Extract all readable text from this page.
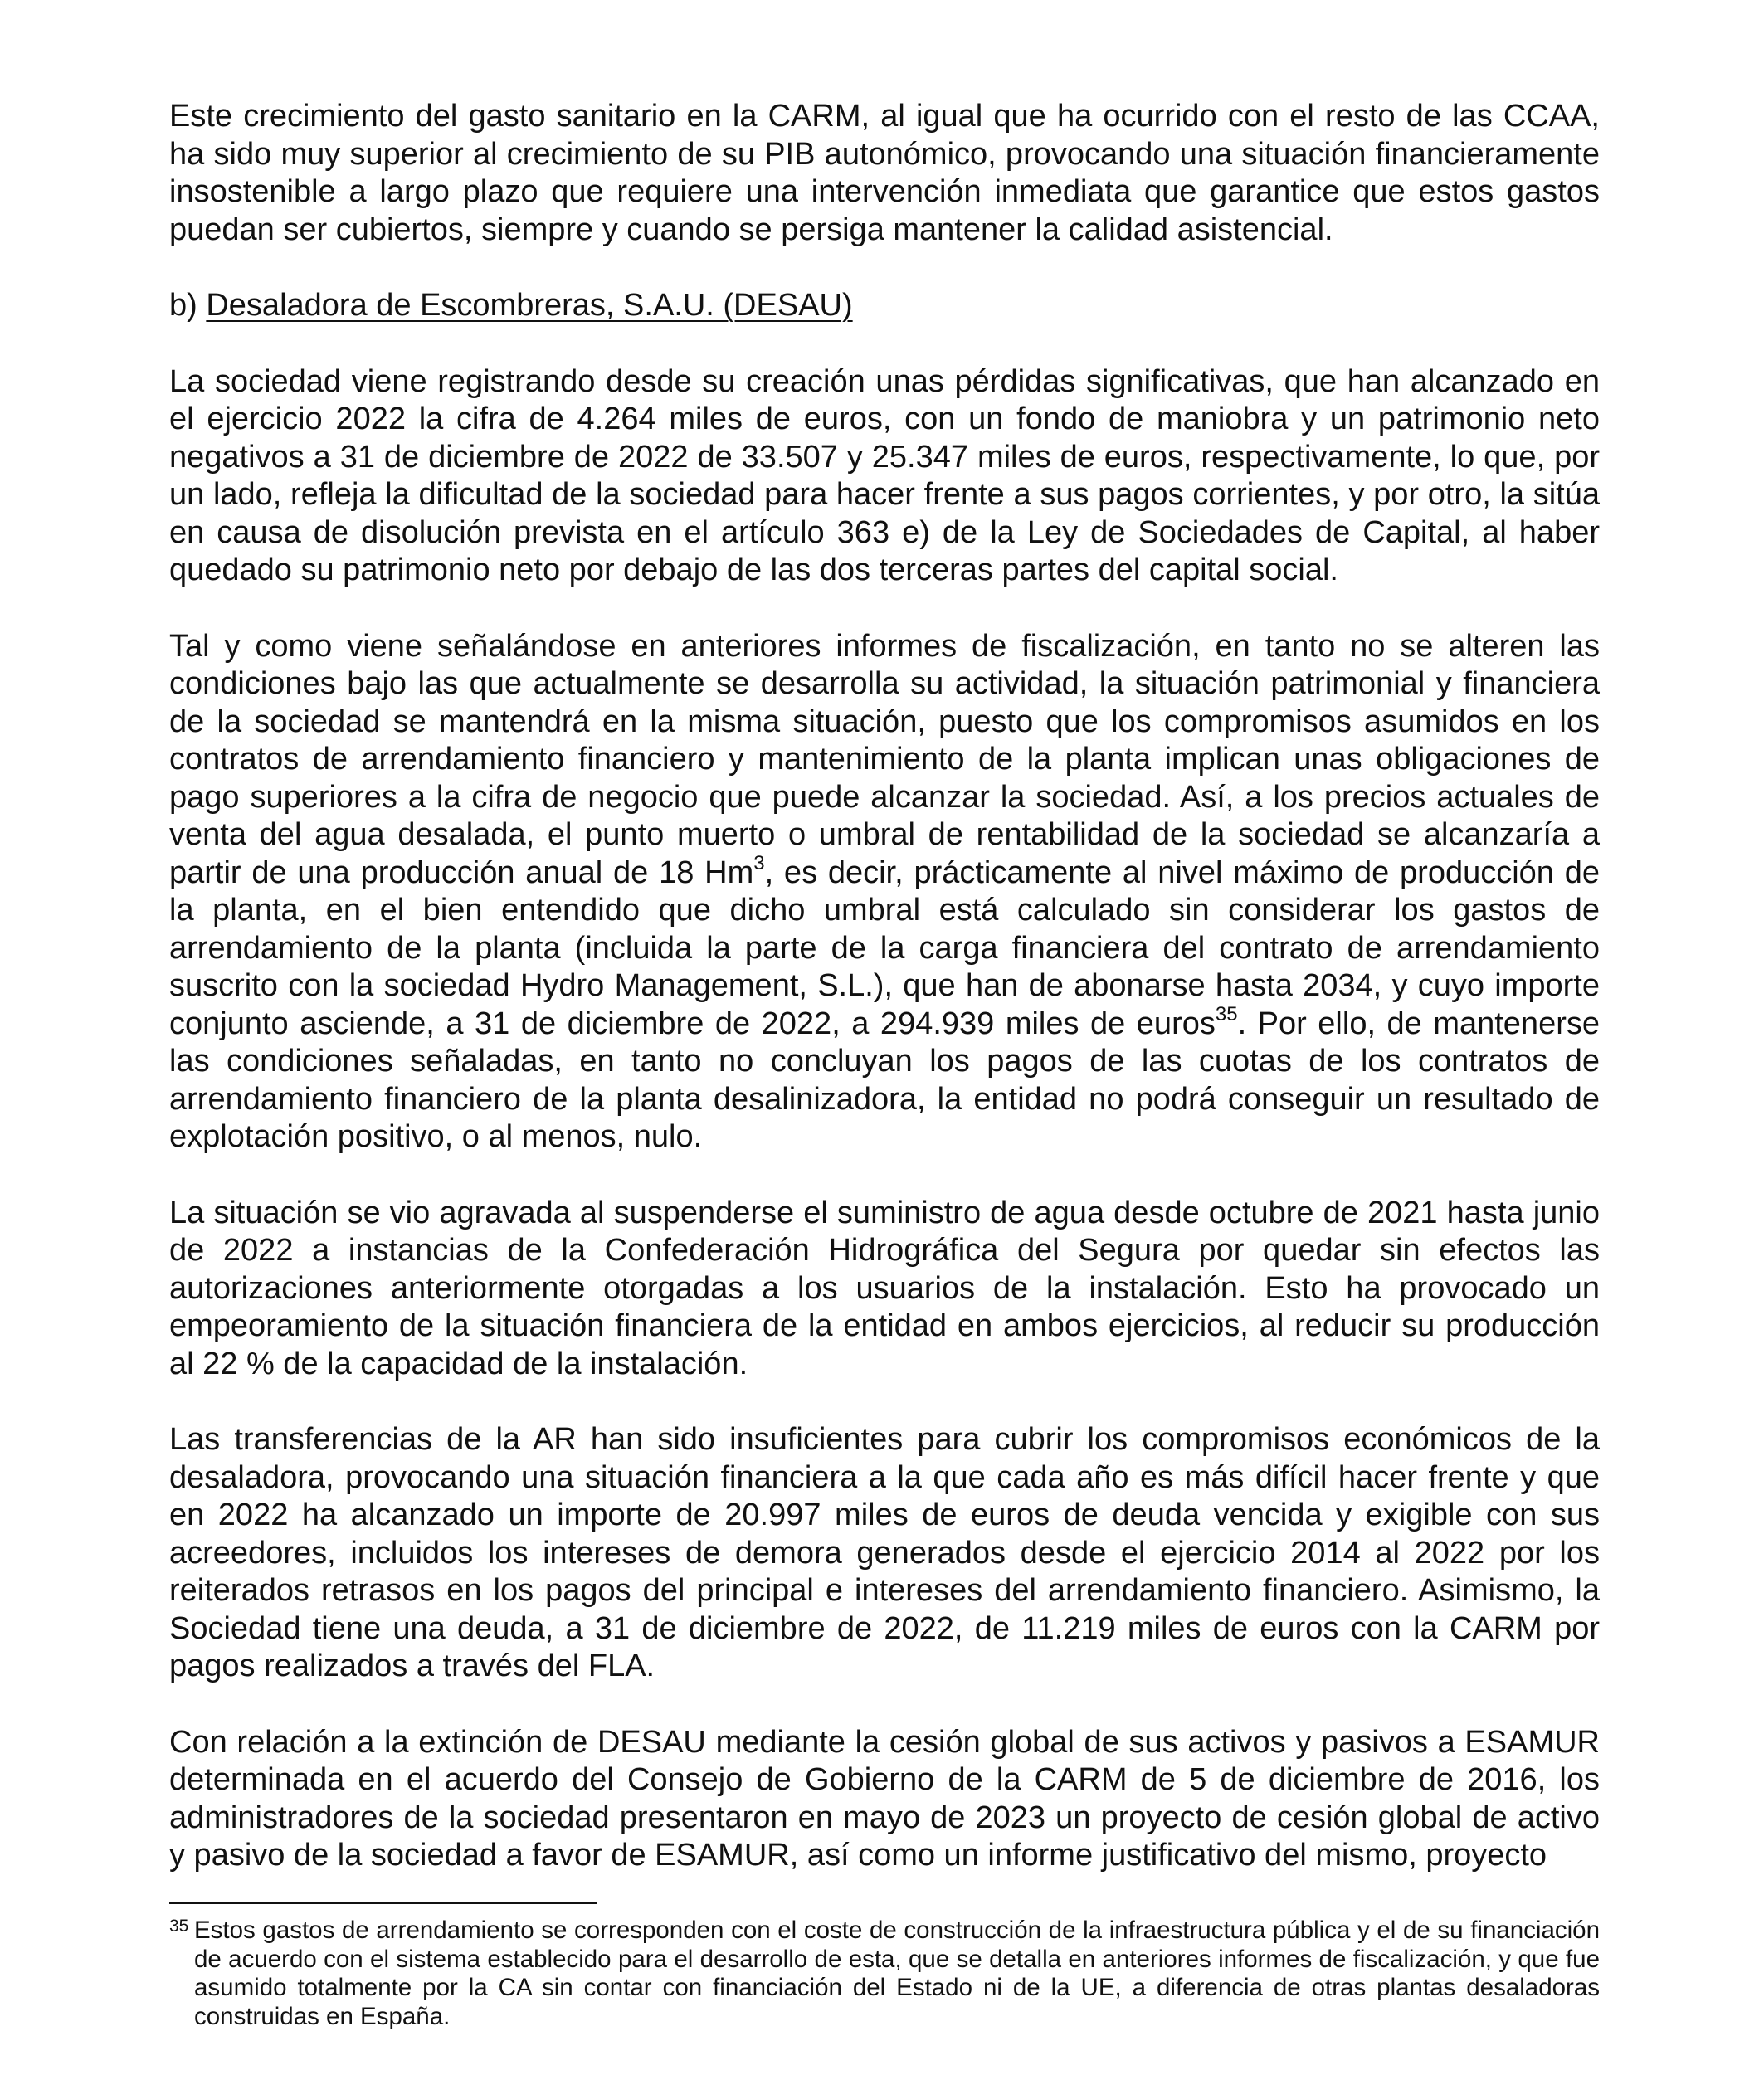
Este crecimiento del gasto sanitario en la CARM, al igual que ha ocurrido con el resto de las CCAA, ha sido muy superior al crecimiento de su PIB autonómico, provocando una situación financieramente insostenible a largo plazo que requiere una intervención inmediata que garantice que estos gastos puedan ser cubiertos, siempre y cuando se persiga mantener la calidad asistencial.

b) Desaladora de Escombreras, S.A.U. (DESAU)

La sociedad viene registrando desde su creación unas pérdidas significativas, que han alcanzado en el ejercicio 2022 la cifra de 4.264 miles de euros, con un fondo de maniobra y un patrimonio neto negativos a 31 de diciembre de 2022 de 33.507 y 25.347 miles de euros, respectivamente, lo que, por un lado, refleja la dificultad de la sociedad para hacer frente a sus pagos corrientes, y por otro, la sitúa en causa de disolución prevista en el artículo 363 e) de la Ley de Sociedades de Capital, al haber quedado su patrimonio neto por debajo de las dos terceras partes del capital social.

Tal y como viene señalándose en anteriores informes de fiscalización, en tanto no se alteren las condiciones bajo las que actualmente se desarrolla su actividad, la situación patrimonial y financiera de la sociedad se mantendrá en la misma situación, puesto que los compromisos asumidos en los contratos de arrendamiento financiero y mantenimiento de la planta implican unas obligaciones de pago superiores a la cifra de negocio que puede alcanzar la sociedad. Así, a los precios actuales de venta del agua desalada, el punto muerto o umbral de rentabilidad de la sociedad se alcanzaría a partir de una producción anual de 18 Hm$^3$, es decir, prácticamente al nivel máximo de producción de la planta, en el bien entendido que dicho umbral está calculado sin considerar los gastos de arrendamiento de la planta (incluida la parte de la carga financiera del contrato de arrendamiento suscrito con la sociedad Hydro Management, S.L.), que han de abonarse hasta 2034, y cuyo importe conjunto asciende, a 31 de diciembre de 2022, a 294.939 miles de euros$^{35}$. Por ello, de mantenerse las condiciones señaladas, en tanto no concluyan los pagos de las cuotas de los contratos de arrendamiento financiero de la planta desalinizadora, la entidad no podrá conseguir un resultado de explotación positivo, o al menos, nulo.

La situación se vio agravada al suspenderse el suministro de agua desde octubre de 2021 hasta junio de 2022 a instancias de la Confederación Hidrográfica del Segura por quedar sin efectos las autorizaciones anteriormente otorgadas a los usuarios de la instalación. Esto ha provocado un empeoramiento de la situación financiera de la entidad en ambos ejercicios, al reducir su producción al 22 % de la capacidad de la instalación.

Las transferencias de la AR han sido insuficientes para cubrir los compromisos económicos de la desaladora, provocando una situación financiera a la que cada año es más difícil hacer frente y que en 2022 ha alcanzado un importe de 20.997 miles de euros de deuda vencida y exigible con sus acreedores, incluidos los intereses de demora generados desde el ejercicio 2014 al 2022 por los reiterados retrasos en los pagos del principal e intereses del arrendamiento financiero. Asimismo, la Sociedad tiene una deuda, a 31 de diciembre de 2022, de 11.219 miles de euros con la CARM por pagos realizados a través del FLA.

Con relación a la extinción de DESAU mediante la cesión global de sus activos y pasivos a ESAMUR determinada en el acuerdo del Consejo de Gobierno de la CARM de 5 de diciembre de 2016, los administradores de la sociedad presentaron en mayo de 2023 un proyecto de cesión global de activo y pasivo de la sociedad a favor de ESAMUR, así como un informe justificativo del mismo, proyecto

35 Estos gastos de arrendamiento se corresponden con el coste de construcción de la infraestructura pública y el de su financiación de acuerdo con el sistema establecido para el desarrollo de esta, que se detalla en anteriores informes de fiscalización, y que fue asumido totalmente por la CA sin contar con financiación del Estado ni de la UE, a diferencia de otras plantas desaladoras construidas en España.
